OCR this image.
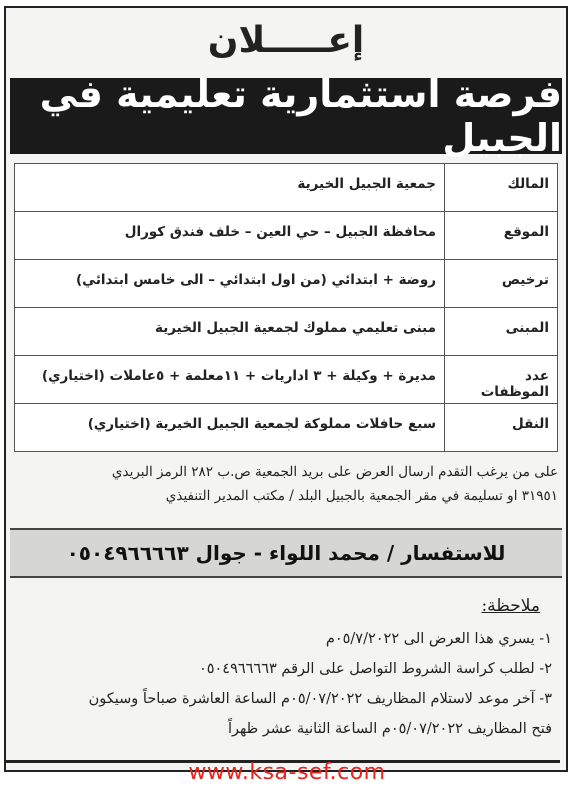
إعـــــلان
فرصة استثمارية تعليمية في الجبيل
المالك	جمعية الجبيل الخيرية
الموقع	محافظة الجبيل – حي العين – خلف فندق كورال
ترخيص	روضة + ابتدائي (من اول ابتدائي – الى خامس ابتدائي)
المبنى	مبنى تعليمي مملوك لجمعية الجبيل الخيرية
عدد الموظفات	مديرة + وكيلة + ٣ اداريات + ١١معلمة + ٥عاملات (اختياري)
النقل	سبع حافلات مملوكة لجمعية الجبيل الخيرية (اختياري)
على من يرغب التقدم ارسال العرض على بريد الجمعية ص.ب ٢٨٢ الرمز البريدي
٣١٩٥١ او تسليمة في مقر الجمعية بالجبيل البلد / مكتب المدير التنفيذي
للاستفسار / محمد اللواء - جوال ٠٥٠٤٩٦٦٦٦٣
ملاحظة:
١- يسري هذا العرض الى ٠٥/٧/٢٠٢٢م
٢- لطلب كراسة الشروط التواصل على الرقم ٠٥٠٤٩٦٦٦٦٣
٣- آخر موعد لاستلام المظاريف ٠٥/٠٧/٢٠٢٢م الساعة العاشرة صباحاً وسيكون
فتح المظاريف ٠٥/٠٧/٢٠٢٢م الساعة الثانية عشر ظهراً
www.ksa-sef.com
